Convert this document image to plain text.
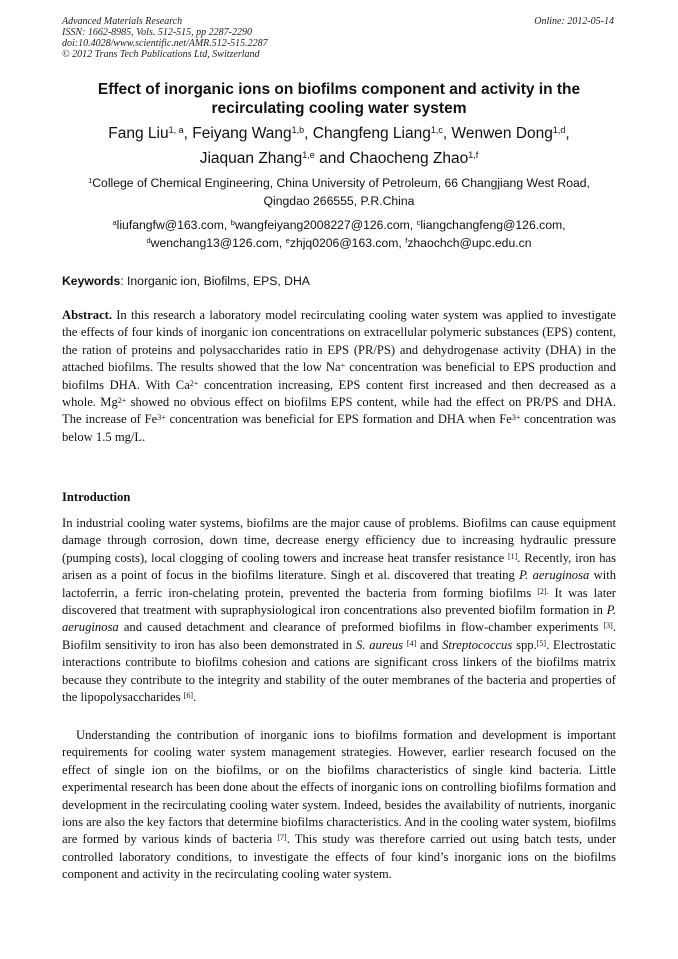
Advanced Materials Research
ISSN: 1662-8985, Vols. 512-515, pp 2287-2290
doi:10.4028/www.scientific.net/AMR.512-515.2287
© 2012 Trans Tech Publications Ltd, Switzerland
Online: 2012-05-14
Effect of inorganic ions on biofilms component and activity in the
recirculating cooling water system
Fang Liu$^{1, a}$, Feiyang Wang$^{1,b}$, Changfeng Liang$^{1,c}$, Wenwen Dong$^{1,d}$,
Jiaquan Zhang$^{1,e}$ and Chaocheng Zhao$^{1,f}$
$^1$College of Chemical Engineering, China University of Petroleum, 66 Changjiang West Road,
Qingdao 266555, P.R.China
$^a$liufangfw@163.com, $^b$wangfeiyang2008227@126.com, $^c$liangchangfeng@126.com,
$^d$wenchang13@126.com, $^e$zhjq0206@163.com, $^f$zhaochch@upc.edu.cn
Keywords: Inorganic ion, Biofilms, EPS, DHA
Abstract. In this research a laboratory model recirculating cooling water system was applied to investigate the effects of four kinds of inorganic ion concentrations on extracellular polymeric substances (EPS) content, the ration of proteins and polysaccharides ratio in EPS (PR/PS) and dehydrogenase activity (DHA) in the attached biofilms. The results showed that the low Na+ concentration was beneficial to EPS production and biofilms DHA. With $Ca^{2+}$ concentration increasing, EPS content first increased and then decreased as a whole. $Mg^{2+}$ showed no obvious effect on biofilms EPS content, while had the effect on PR/PS and DHA. The increase of $Fe^{3+}$ concentration was beneficial for EPS formation and DHA when $Fe^{3+}$ concentration was below 1.5 mg/L.
Introduction
In industrial cooling water systems, biofilms are the major cause of problems. Biofilms can cause equipment damage through corrosion, down time, decrease energy efficiency due to increasing hydraulic pressure (pumping costs), local clogging of cooling towers and increase heat transfer resistance [1]. Recently, iron has arisen as a point of focus in the biofilms literature. Singh et al. discovered that treating P. aeruginosa with lactoferrin, a ferric iron-chelating protein, prevented the bacteria from forming biofilms $^{[2].}$ It was later discovered that treatment with supraphysiological iron concentrations also prevented biofilm formation in P. aeruginosa and caused detachment and clearance of preformed biofilms in flow-chamber experiments [3]. Biofilm sensitivity to iron has also been demonstrated in S. aureus [4] and Streptococcus spp.[5]. Electrostatic interactions contribute to biofilms cohesion and cations are significant cross linkers of the biofilms matrix because they contribute to the integrity and stability of the outer membranes of the bacteria and properties of the lipopolysaccharides [6].
Understanding the contribution of inorganic ions to biofilms formation and development is important requirements for cooling water system management strategies. However, earlier research focused on the effect of single ion on the biofilms, or on the biofilms characteristics of single kind bacteria. Little experimental research has been done about the effects of inorganic ions on controlling biofilms formation and development in the recirculating cooling water system. Indeed, besides the availability of nutrients, inorganic ions are also the key factors that determine biofilms characteristics. And in the cooling water system, biofilms are formed by various kinds of bacteria [7]. This study was therefore carried out using batch tests, under controlled laboratory conditions, to investigate the effects of four kind’s inorganic ions on the biofilms component and activity in the recirculating cooling water system.
